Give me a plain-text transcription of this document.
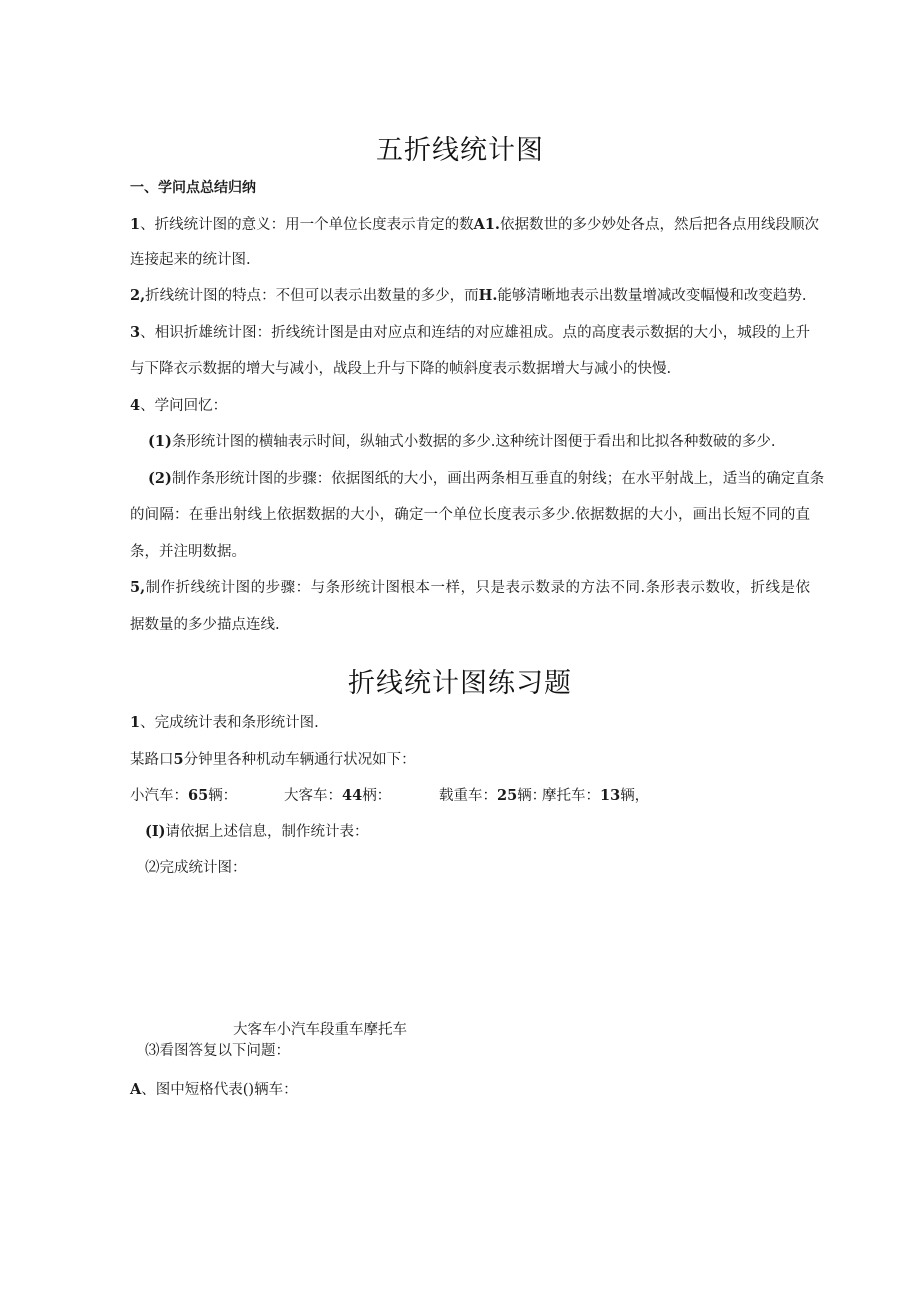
五折线统计图

一、学问点总结归纳

1、折线统计图的意义：用一个单位长度表示肯定的数A1.依据数世的多少妙处各点，然后把各点用线段顺次

连接起来的统计图.

2,折线统计图的特点：不但可以表示出数量的多少，而H.能够清晰地表示出数量增减改变幅慢和改变趋势.

3、相识折雄统计图：折线统计图是由对应点和连结的对应雄祖成。点的高度表示数据的大小，城段的上升

与下降衣示数据的增大与减小，战段上升与下降的帧斜度表示数据增大与减小的快慢.

4、学问回忆：

(1)条形统计图的横轴表示时间，纵轴式小数据的多少.这种统计图便于看出和比拟各种数破的多少.

(2)制作条形统计图的步骤：依据图纸的大小，画出两条相互垂直的射线；在水平射战上，适当的确定直条

的间隔：在垂出射线上依据数据的大小，确定一个单位长度表示多少.依据数据的大小，画出长短不同的直

条，并注明数据。

5,制作折线统计图的步骤：与条形统计图根本一样，只是表示数录的方法不同.条形表示数收，折线是依

据数量的多少描点连线.

折线统计图练习题

1、完成统计表和条形统计图.

某路口5分钟里各种机动车辆通行状况如下：

小汽车：65辆：	大客车：44柄：	载重车：25辆：
摩托车：13辆，

(I)请依据上述信息，制作统计表：

⑵完成统计图：

大客车小汽车段重车摩托车

⑶看图答复以下问题：

A、图中短格代表()辆车：
